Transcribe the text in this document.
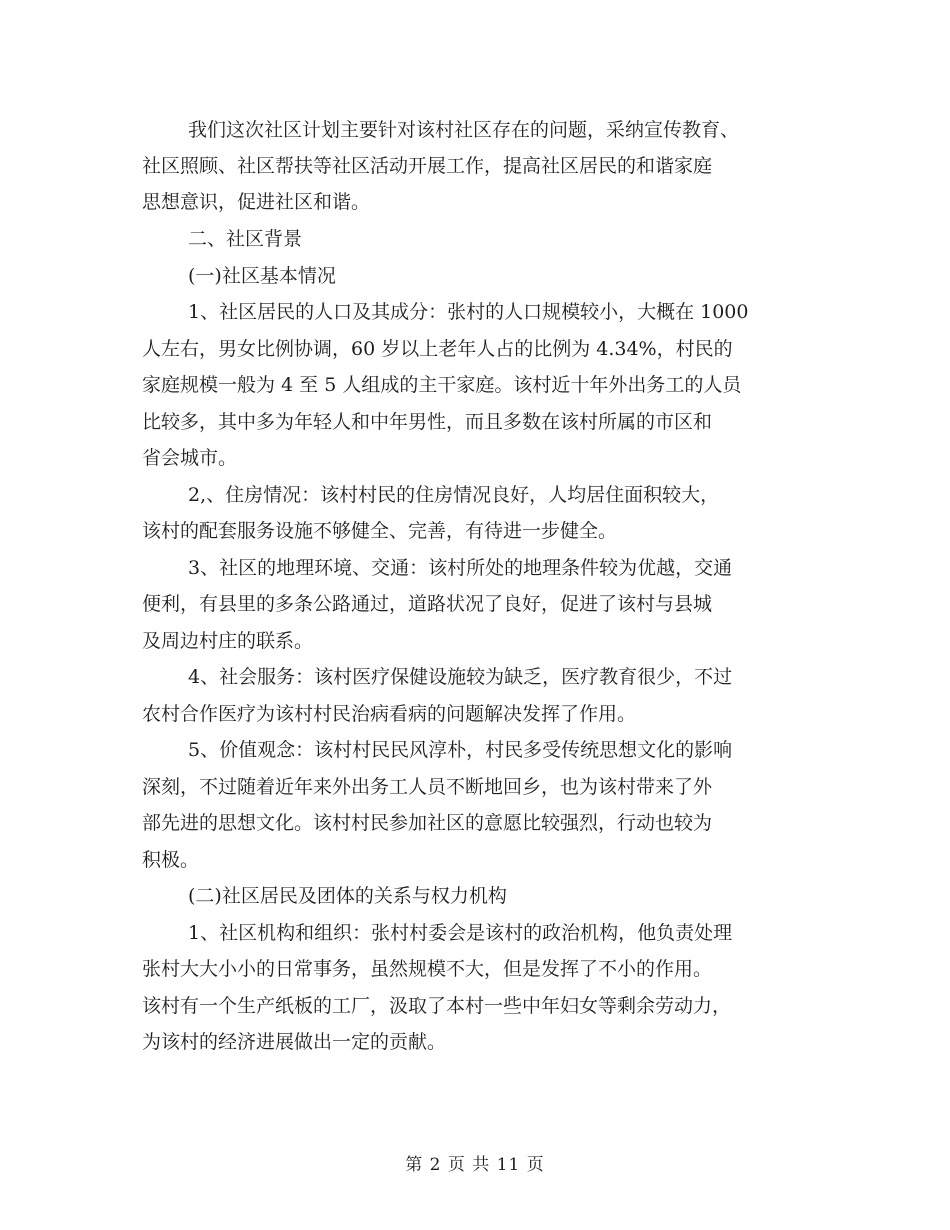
我们这次社区计划主要针对该村社区存在的问题，采纳宣传教育、
社区照顾、社区帮扶等社区活动开展工作，提高社区居民的和谐家庭
思想意识，促进社区和谐。
二、社区背景
(一)社区基本情况
1、社区居民的人口及其成分：张村的人口规模较小，大概在 1000
人左右，男女比例协调，60 岁以上老年人占的比例为 4.34%，村民的
家庭规模一般为 4 至 5 人组成的主干家庭。该村近十年外出务工的人员
比较多，其中多为年轻人和中年男性，而且多数在该村所属的市区和
省会城市。
2,、住房情况：该村村民的住房情况良好，人均居住面积较大，
该村的配套服务设施不够健全、完善，有待进一步健全。
3、社区的地理环境、交通：该村所处的地理条件较为优越，交通
便利，有县里的多条公路通过，道路状况了良好，促进了该村与县城
及周边村庄的联系。
4、社会服务：该村医疗保健设施较为缺乏，医疗教育很少，不过
农村合作医疗为该村村民治病看病的问题解决发挥了作用。
5、价值观念：该村村民民风淳朴，村民多受传统思想文化的影响
深刻，不过随着近年来外出务工人员不断地回乡，也为该村带来了外
部先进的思想文化。该村村民参加社区的意愿比较强烈，行动也较为
积极。
(二)社区居民及团体的关系与权力机构
1、社区机构和组织：张村村委会是该村的政治机构，他负责处理
张村大大小小的日常事务，虽然规模不大，但是发挥了不小的作用。
该村有一个生产纸板的工厂，汲取了本村一些中年妇女等剩余劳动力，
为该村的经济进展做出一定的贡献。
第 2 页 共 11 页
